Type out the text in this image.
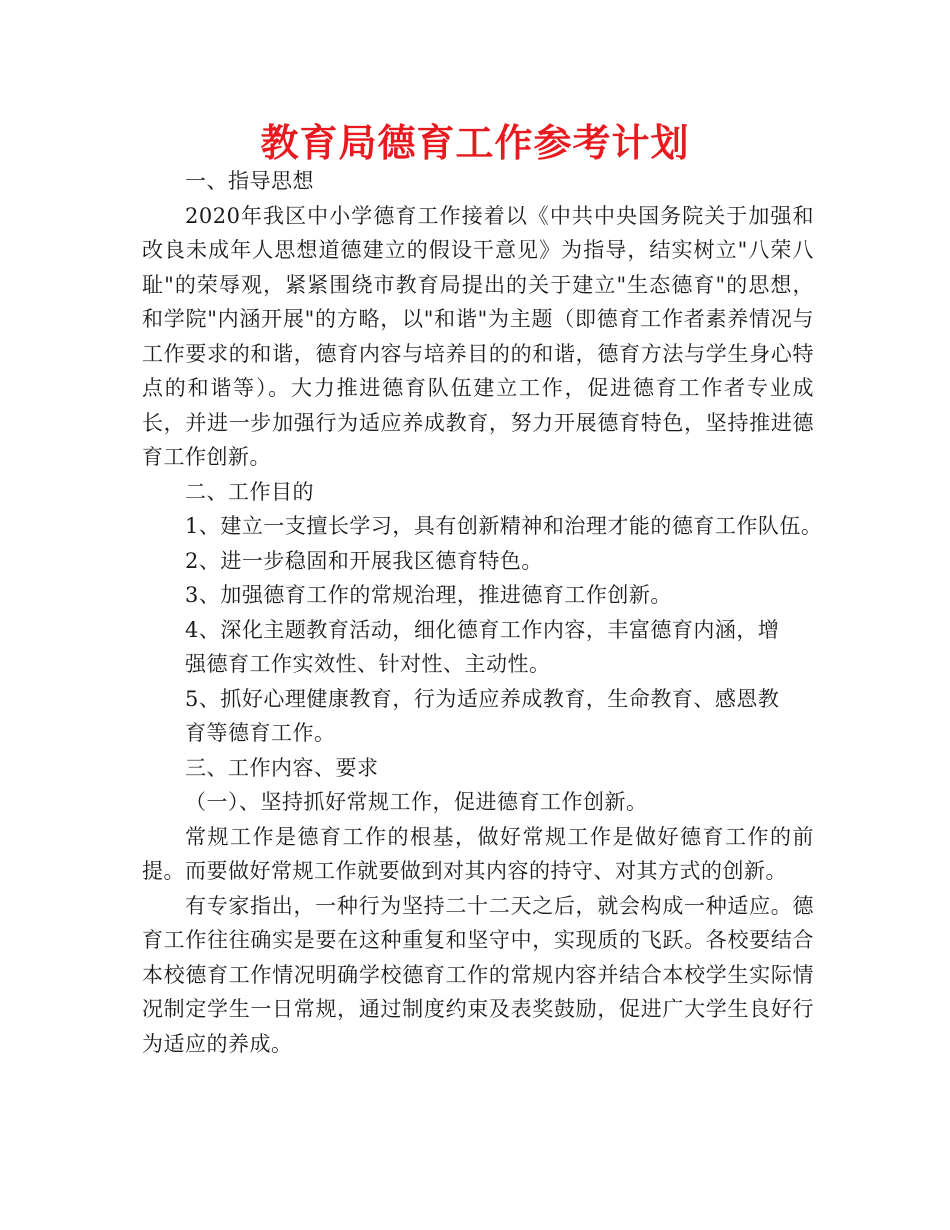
教育局德育工作参考计划

一、指导思想

2020年我区中小学德育工作接着以《中共中央国务院关于加强和改良未成年人思想道德建立的假设干意见》为指导，结实树立"八荣八耻"的荣辱观，紧紧围绕市教育局提出的关于建立"生态德育"的思想，和学院"内涵开展"的方略，以"和谐"为主题（即德育工作者素养情况与工作要求的和谐，德育内容与培养目的的和谐，德育方法与学生身心特点的和谐等）。大力推进德育队伍建立工作，促进德育工作者专业成长，并进一步加强行为适应养成教育，努力开展德育特色，坚持推进德育工作创新。

二、工作目的

1、建立一支擅长学习，具有创新精神和治理才能的德育工作队伍。

2、进一步稳固和开展我区德育特色。

3、加强德育工作的常规治理，推进德育工作创新。

4、深化主题教育活动，细化德育工作内容，丰富德育内涵，增强德育工作实效性、针对性、主动性。

5、抓好心理健康教育，行为适应养成教育，生命教育、感恩教育等德育工作。

三、工作内容、要求

（一）、坚持抓好常规工作，促进德育工作创新。

常规工作是德育工作的根基，做好常规工作是做好德育工作的前提。而要做好常规工作就要做到对其内容的持守、对其方式的创新。

有专家指出，一种行为坚持二十二天之后，就会构成一种适应。德育工作往往确实是要在这种重复和坚守中，实现质的飞跃。各校要结合本校德育工作情况明确学校德育工作的常规内容并结合本校学生实际情况制定学生一日常规，通过制度约束及表奖鼓励，促进广大学生良好行为适应的养成。
